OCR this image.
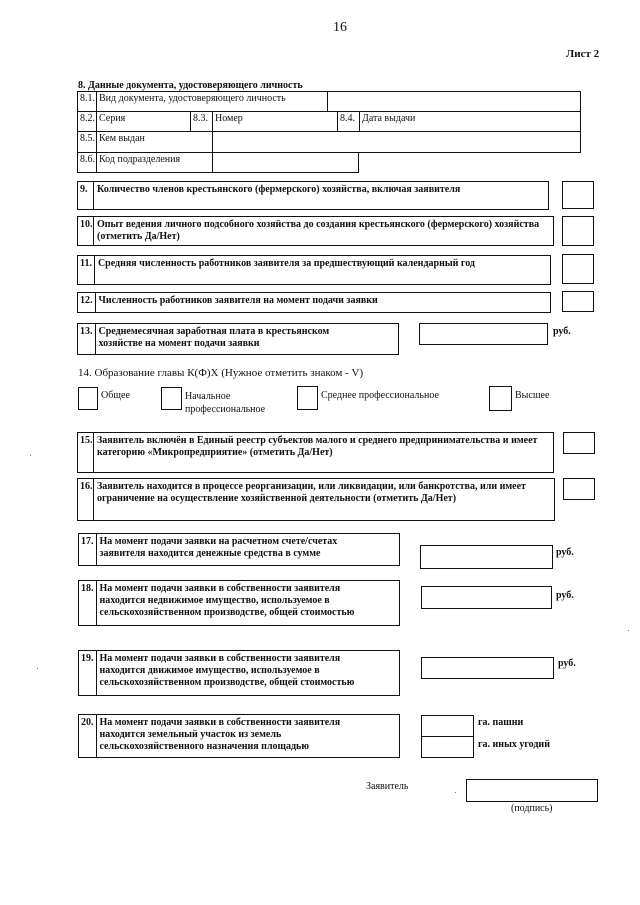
16
Лист 2
8. Данные документа, удостоверяющего личность
8.1. Вид документа, удостоверяющего личность
8.2. Серия	8.3. Номер	8.4. Дата выдачи
8.5. Кем выдан
8.6. Код подразделения
9. Количество членов крестьянского (фермерского) хозяйства, включая заявителя
10. Опыт ведения личного подсобного хозяйства до создания крестьянского (фермерского) хозяйства (отметить Да/Нет)
11. Средняя численность работников заявителя за предшествующий календарный год
12. Численность работников заявителя на момент подачи заявки
13. Среднемесячная заработная плата в крестьянском хозяйстве на момент подачи заявки
руб.
14. Образование главы К(Ф)Х (Нужное отметить знаком - V)
Общее	Начальное профессиональное
Среднее профессиональное	Высшее
15. Заявитель включён в Единый реестр субъектов малого и среднего предпринимательства и имеет категорию «Микропредприятие» (отметить Да/Нет)
16. Заявитель находится в процессе реорганизации, или ликвидации, или банкротства, или имеет ограничение на осуществление хозяйственной деятельности (отметить Да/Нет)
17. На момент подачи заявки на расчетном счете/счетах заявителя находится денежные средства в сумме	руб.
18. На момент подачи заявки в собственности заявителя находится недвижимое имущество, используемое в сельскохозяйственном производстве, общей стоимостью
руб.
19. На момент подачи заявки в собственности заявителя находится движимое имущество, используемое в сельскохозяйственном производстве, общей стоимостью
руб.
20. На момент подачи заявки в собственности заявителя находится земельный участок из земель сельскохозяйственного назначения площадью
га. пашни
га. иных угодий
Заявитель
(подпись)
